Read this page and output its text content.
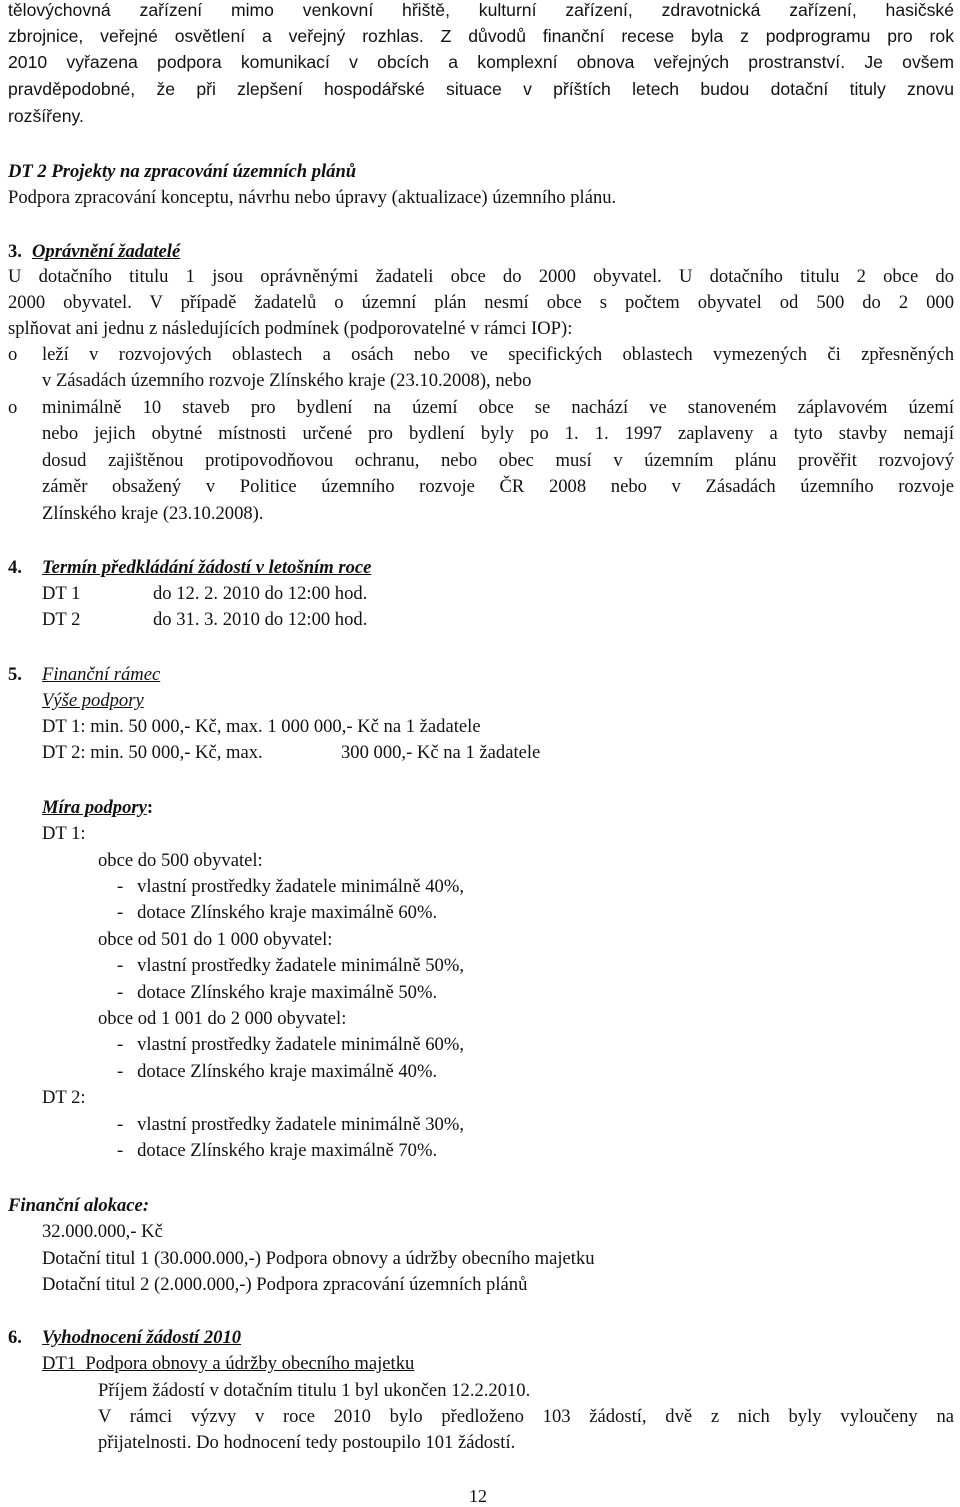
tělovýchovná zařízení mimo venkovní hřiště, kulturní zařízení, zdravotnická zařízení, hasičské
zbrojnice, veřejné osvětlení a veřejný rozhlas. Z důvodů finanční recese byla z podprogramu pro rok
2010 vyřazena podpora komunikací v obcích a komplexní obnova veřejných prostranství. Je ovšem
pravděpodobné, že při zlepšení hospodářské situace v příštích letech budou dotační tituly znovu
rozšířeny.
DT 2 Projekty na zpracování územních plánů
Podpora zpracování konceptu, návrhu nebo úpravy (aktualizace) územního plánu.
3. Oprávnění žadatelé
U dotačního titulu 1 jsou oprávněnými žadateli obce do 2000 obyvatel. U dotačního titulu 2 obce do
2000 obyvatel. V případě žadatelů o územní plán nesmí obce s počtem obyvatel od 500 do 2 000
splňovat ani jednu z následujících podmínek (podporovatelné v rámci IOP):
o leží v rozvojových oblastech a osách nebo ve specifických oblastech vymezených či zpřesněných
v Zásadách územního rozvoje Zlínského kraje (23.10.2008), nebo
o minimálně 10 staveb pro bydlení na území obce se nachází ve stanoveném záplavovém území
nebo jejich obytné místnosti určené pro bydlení byly po 1. 1. 1997 zaplaveny a tyto stavby nemají
dosud zajištěnou protipovodňovou ochranu, nebo obec musí v územním plánu prověřit rozvojový
záměr obsažený v Politice územního rozvoje ČR 2008 nebo v Zásadách územního rozvoje
Zlínského kraje (23.10.2008).
4. Termín předkládání žádostí v letošním roce
DT 1	do 12. 2. 2010 do 12:00 hod.
DT 2	do 31. 3. 2010 do 12:00 hod.
5. Finanční rámec
Výše podpory
DT 1: min. 50 000,- Kč, max. 1 000 000,- Kč na 1 žadatele
DT 2: min. 50 000,- Kč, max.	300 000,- Kč na 1 žadatele
Míra podpory:
DT 1:
obce do 500 obyvatel:
-   vlastní prostředky žadatele minimálně 40%,
-   dotace Zlínského kraje maximálně 60%.
obce od 501 do 1 000 obyvatel:
-   vlastní prostředky žadatele minimálně 50%,
-   dotace Zlínského kraje maximálně 50%.
obce od 1 001 do 2 000 obyvatel:
-   vlastní prostředky žadatele minimálně 60%,
-   dotace Zlínského kraje maximálně 40%.
DT 2:
-   vlastní prostředky žadatele minimálně 30%,
-   dotace Zlínského kraje maximálně 70%.
Finanční alokace:
32.000.000,- Kč
Dotační titul 1 (30.000.000,-) Podpora obnovy a údržby obecního majetku
Dotační titul 2 (2.000.000,-) Podpora zpracování územních plánů
6. Vyhodnocení žádostí 2010
DT1  Podpora obnovy a údržby obecního majetku
Příjem žádostí v dotačním titulu 1 byl ukončen 12.2.2010.
V rámci výzvy v roce 2010 bylo předloženo 103 žádostí, dvě z nich byly vyloučeny na
přijatelnosti. Do hodnocení tedy postoupilo 101 žádostí.
12
